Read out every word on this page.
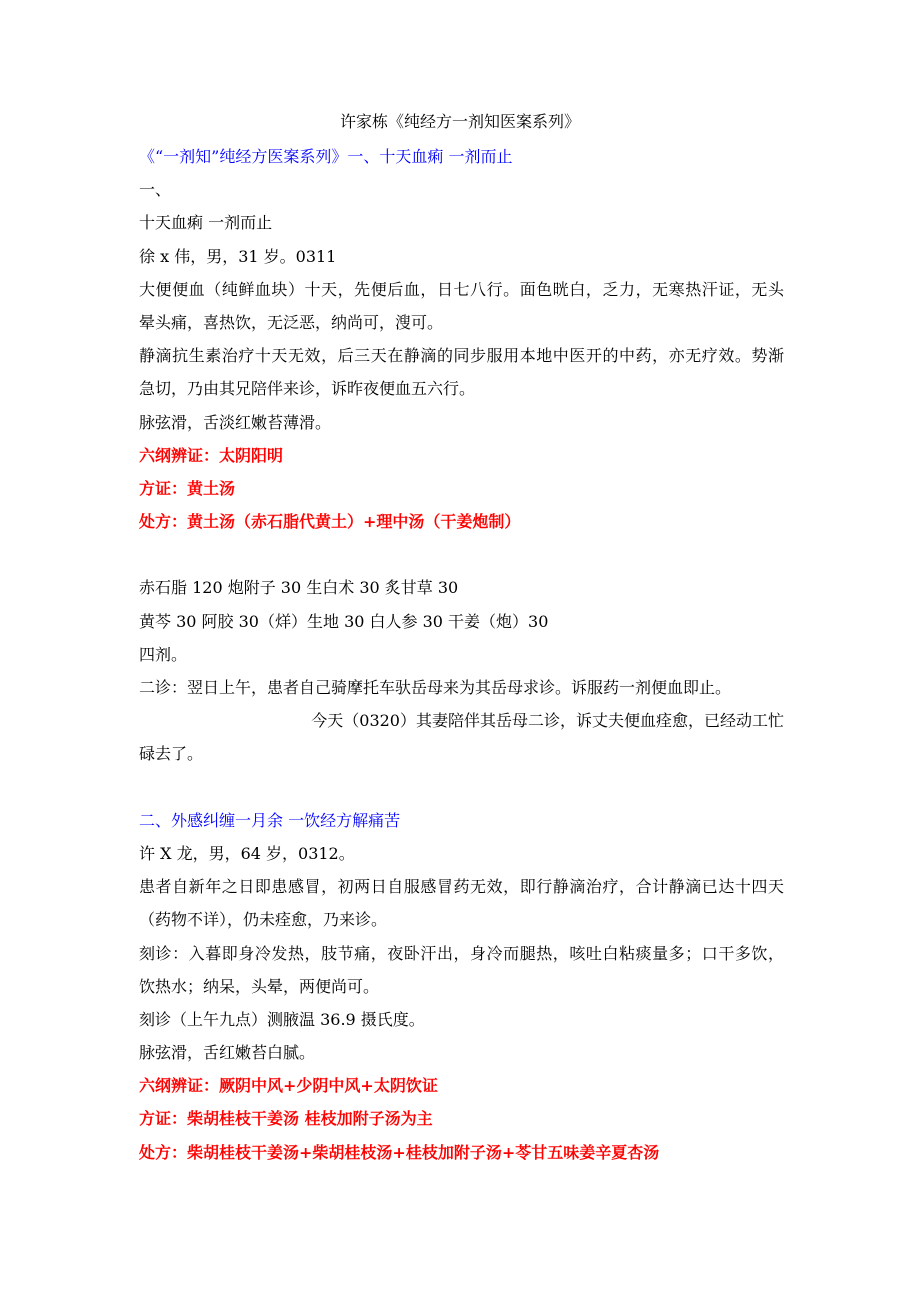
许家栋《纯经方一剂知医案系列》
《“一剂知”纯经方医案系列》一、十天血痢 一剂而止
一、
十天血痢 一剂而止
徐 x 伟，男，31 岁。0311
大便便血（纯鲜血块）十天，先便后血，日七八行。面色晄白，乏力，无寒热汗证，无头
晕头痛，喜热饮，无泛恶，纳尚可，溲可。
静滴抗生素治疗十天无效，后三天在静滴的同步服用本地中医开的中药，亦无疗效。势渐
急切，乃由其兄陪伴来诊，诉昨夜便血五六行。
脉弦滑，舌淡红嫩苔薄滑。
六纲辨证：太阴阳明
方证：黄土汤
处方：黄土汤（赤石脂代黄土）+理中汤（干姜炮制）
赤石脂 120 炮附子 30 生白术 30 炙甘草 30
黄芩 30 阿胶 30（烊）生地 30 白人参 30 干姜（炮）30
四剂。
二诊：翌日上午，患者自己骑摩托车驮岳母来为其岳母求诊。诉服药一剂便血即止。
今天（0320）其妻陪伴其岳母二诊，诉丈夫便血痊愈，已经动工忙
碌去了。
二、外感纠缠一月余 一饮经方解痛苦
许 X 龙，男，64 岁，0312。
患者自新年之日即患感冒，初两日自服感冒药无效，即行静滴治疗，合计静滴已达十四天
（药物不详），仍未痊愈，乃来诊。
刻诊：入暮即身冷发热，肢节痛，夜卧汗出，身冷而腿热，咳吐白粘痰量多；口干多饮，
饮热水；纳呆，头晕，两便尚可。
刻诊（上午九点）测腋温 36.9 摄氏度。
脉弦滑，舌红嫩苔白腻。
六纲辨证：厥阴中风+少阴中风+太阴饮证
方证：柴胡桂枝干姜汤 桂枝加附子汤为主
处方：柴胡桂枝干姜汤+柴胡桂枝汤+桂枝加附子汤+苓甘五味姜辛夏杏汤
